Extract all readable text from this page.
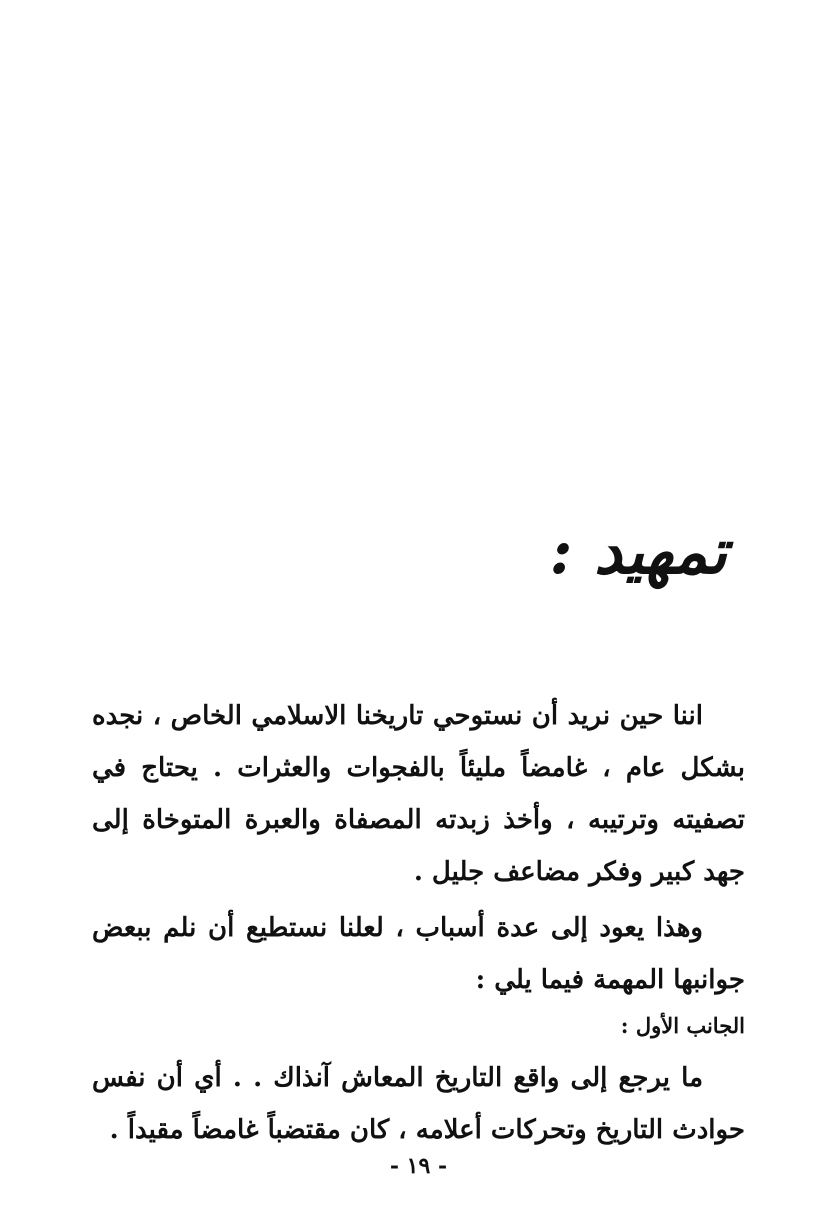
تمهيد :

اننا حين نريد أن نستوحي تاريخنا الاسلامي الخاص ، نجده بشكل عام ، غامضاً مليئاً بالفجوات والعثرات . يحتاج في تصفيته وترتيبه ، وأخذ زبدته المصفاة والعبرة المتوخاة إلى جهد كبير وفكر مضاعف جليل .

وهذا يعود إلى عدة أسباب ، لعلنا نستطيع أن نلم ببعض جوانبها المهمة فيما يلي :

الجانب الأول :

ما يرجع إلى واقع التاريخ المعاش آنذاك . . أي أن نفس حوادث التاريخ وتحركات أعلامه ، كان مقتضباً غامضاً مقيداً .

- ١٩ -
